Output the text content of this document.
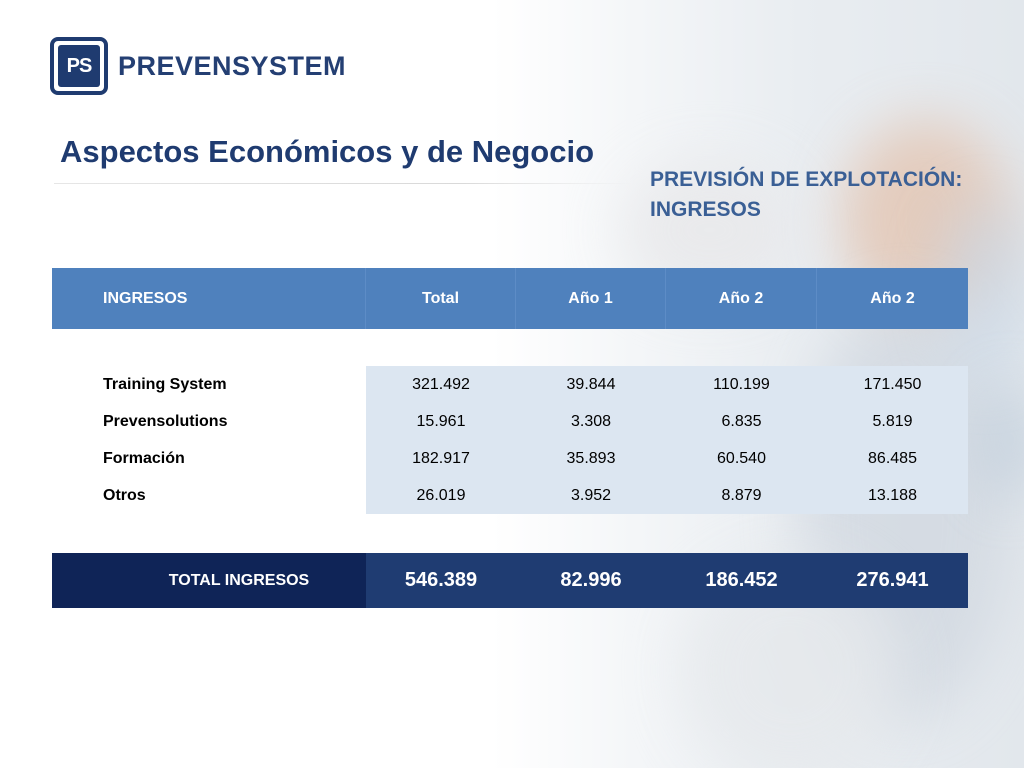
PS PREVENSYSTEM
Aspectos Económicos y de Negocio
PREVISIÓN DE EXPLOTACIÓN:
INGRESOS
INGRESOS	Total	Año 1	Año 2	Año 2
Training System	321.492	39.844	110.199	171.450
Prevensolutions	15.961	3.308	6.835	5.819
Formación	182.917	35.893	60.540	86.485
Otros	26.019	3.952	8.879	13.188
TOTAL INGRESOS	546.389	82.996	186.452	276.941
